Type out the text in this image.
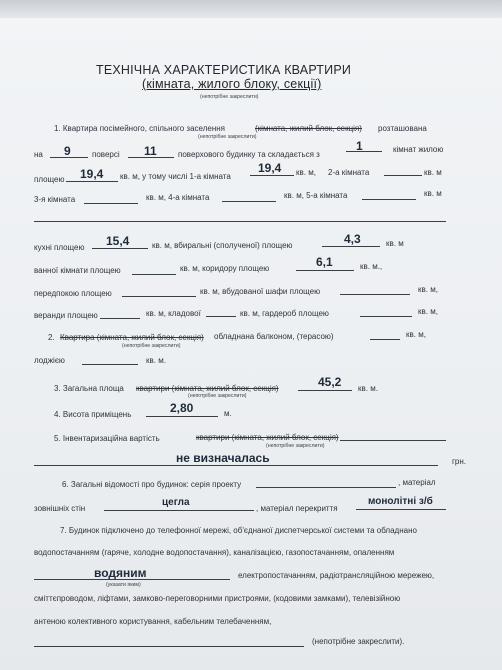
ТЕХНІЧНА ХАРАКТЕРИСТИКА КВАРТИРИ
(кімната, жилого блоку, секції)
(непотрібне закреслити)
1. Квартира посімейного, спільного заселення	(кімната, жилий блок, секція) розташована
(непотрібне закреслити)
на 9	поверсі 11	поверхового будинку та складається з
1	кімнат жилою
площею 19,4 кв. м, у тому числі 1-а кімната
19,4 кв. м, 2-а кімната	кв. м
3-я кімната	кв. м, 4-а кімната	кв. м, 5-а кімната	кв. м
кухні площею 15,4	кв. м, вбиральні (сполученої) площею	4,3	кв. м
ванної кімнати площею	кв. м, коридору площею	6,1	кв. м.,
передпокою площею	кв. м, вбудованої шафи площею	кв. м,
веранди площею	кв. м, кладової	кв. м, гардероб площею	кв. м,
2. Квартира (кімната, жилий блок, секція) обладнана балконом, (терасою)	кв. м,
(непотрібне закреслити)
лоджією	кв. м.
3. Загальна площа квартири (кімната, жилий блок, секція)	45,2 кв. м.
(непотрібне закреслити)
4. Висота приміщень	2,80	м.
5. Інвентаризаційна вартість	квартири (кімната, жилий блок, секція)
(непотрібне закреслити)
не визначалась	грн.
6. Загальні відомості про будинок: серія проекту	, матеріал
зовнішніх стін
цегла
, матеріал перекриття
монолітні з/б
7. Будинок підключено до телефонної мережі, об'єднаної диспетчерської системи та обладнано
водопостачанням (гаряче, холодне водопостачання), каналізацією, газопостачанням, опаленням
водяним
(указати яким)
електропостачанням, радіотрансляційною мережею,
сміттєпроводом, ліфтами, замково-переговорними пристроями, (кодовими замками), телевізійною
антеною колективного користування, кабельним телебаченням,
(непотрібне закреслити).
